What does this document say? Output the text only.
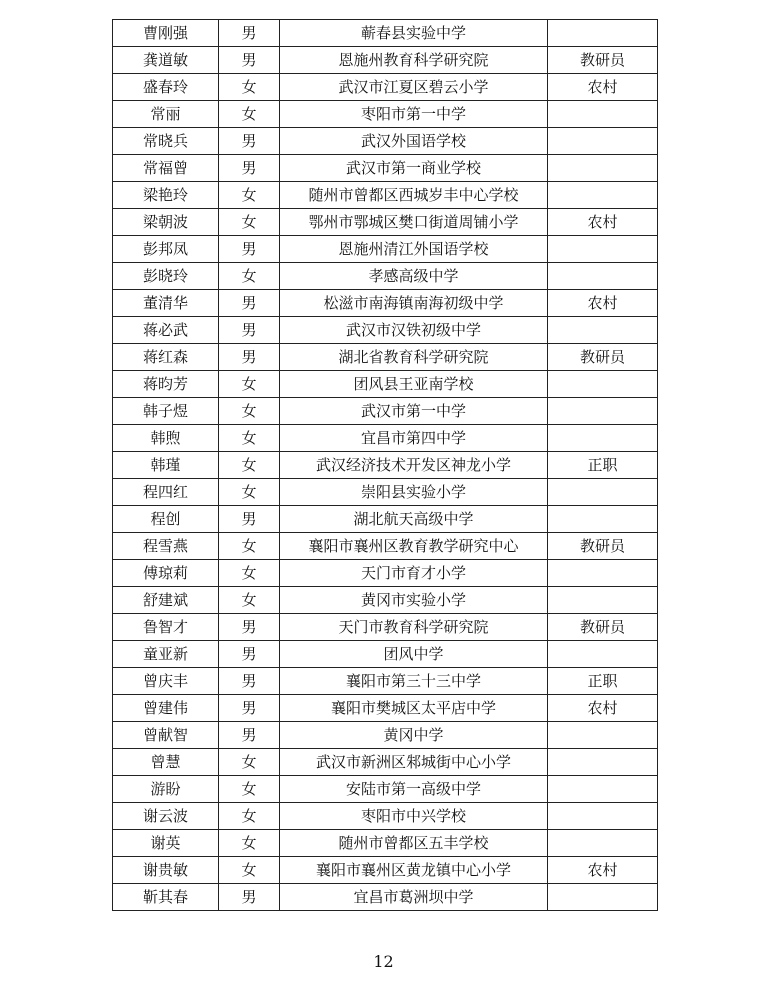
曹刚强	男	蕲春县实验中学	
龚道敏	男	恩施州教育科学研究院	教研员
盛春玲	女	武汉市江夏区碧云小学	农村
常丽	女	枣阳市第一中学	
常晓兵	男	武汉外国语学校	
常福曾	男	武汉市第一商业学校	
梁艳玲	女	随州市曾都区西城岁丰中心学校	
梁朝波	女	鄂州市鄂城区樊口街道周铺小学	农村
彭邦凤	男	恩施州清江外国语学校	
彭晓玲	女	孝感高级中学	
董清华	男	松滋市南海镇南海初级中学	农村
蒋必武	男	武汉市汉铁初级中学	
蒋红森	男	湖北省教育科学研究院	教研员
蒋昀芳	女	团风县王亚南学校	
韩子煜	女	武汉市第一中学	
韩煦	女	宜昌市第四中学	
韩瑾	女	武汉经济技术开发区神龙小学	正职
程四红	女	崇阳县实验小学	
程创	男	湖北航天高级中学	
程雪燕	女	襄阳市襄州区教育教学研究中心	教研员
傅琼莉	女	天门市育才小学	
舒建斌	女	黄冈市实验小学	
鲁智才	男	天门市教育科学研究院	教研员
童亚新	男	团风中学	
曾庆丰	男	襄阳市第三十三中学	正职
曾建伟	男	襄阳市樊城区太平店中学	农村
曾献智	男	黄冈中学	
曾慧	女	武汉市新洲区邾城街中心小学	
游盼	女	安陆市第一高级中学	
谢云波	女	枣阳市中兴学校	
谢英	女	随州市曾都区五丰学校	
谢贵敏	女	襄阳市襄州区黄龙镇中心小学	农村
靳其春	男	宜昌市葛洲坝中学	
12
